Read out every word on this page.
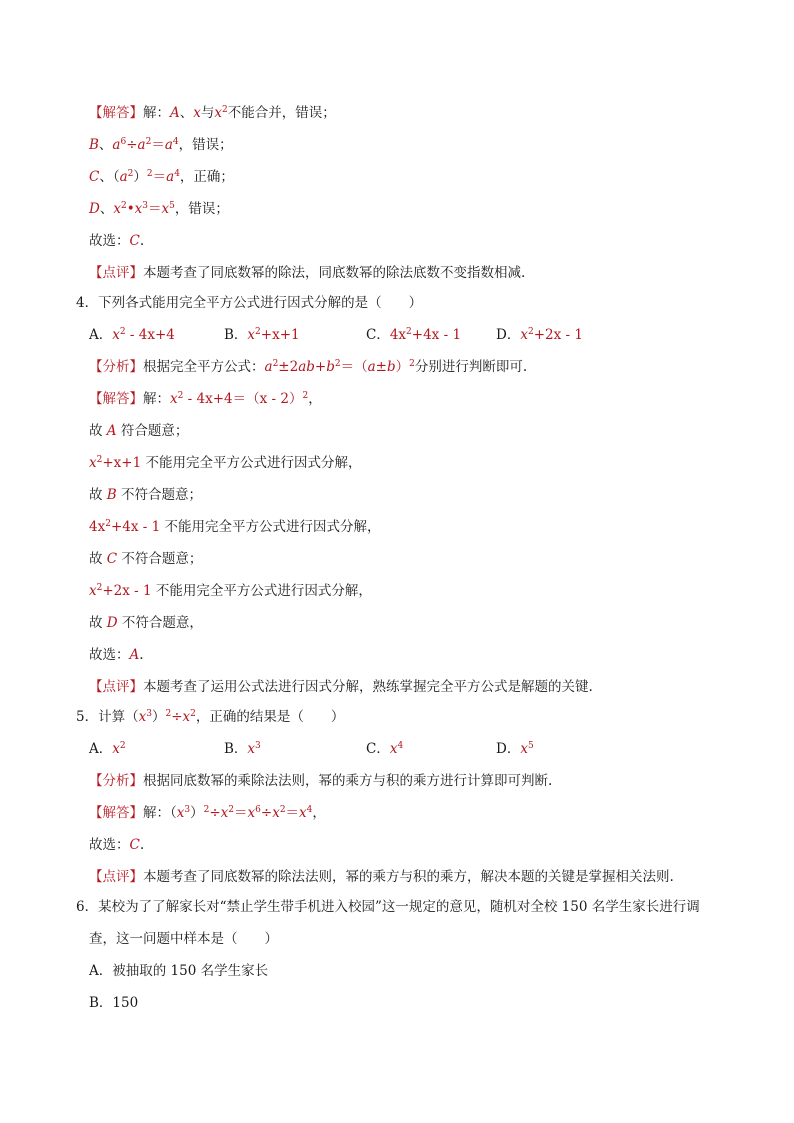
【解答】解：A、x与$x^2$不能合并，错误；
B、$a^6\div a^2=a^4$，错误；
C、$(a^2)^2=a^4$，正确；
D、$x^2•x^3=x^5$，错误；
故选：C.
【点评】本题考查了同底数幂的除法，同底数幂的除法底数不变指数相减.
4．下列各式能用完全平方公式进行因式分解的是（　　）
A．$x^2 - 4x+4$	B．$x^2+x+1$	C．$4x^2+4x - 1$	D．$x^2+2x - 1$
【分析】根据完全平方公式：$a^2\pm 2ab+b^2=(a\pm b)^2$分别进行判断即可.
【解答】解：$x^2 - 4x+4=(x - 2)^2$，
故 A 符合题意；
$x^2+x+1$ 不能用完全平方公式进行因式分解，
故 B 不符合题意；
$4x^2+4x - 1$ 不能用完全平方公式进行因式分解，
故 C 不符合题意；
$x^2+2x - 1$ 不能用完全平方公式进行因式分解，
故 D 不符合题意，
故选：A.
【点评】本题考查了运用公式法进行因式分解，熟练掌握完全平方公式是解题的关键.
5．计算$(x^3)^2\div x^2$，正确的结果是（　　）
A．$x^2$	B．$x^3$	C．$x^4$	D．$x^5$
【分析】根据同底数幂的乘除法法则，幂的乘方与积的乘方进行计算即可判断.
【解答】解：$(x^3)^2\div x^2=x^6\div x^2=x^4$，
故选：C.
【点评】本题考查了同底数幂的除法法则，幂的乘方与积的乘方，解决本题的关键是掌握相关法则.
6．某校为了了解家长对“禁止学生带手机进入校园”这一规定的意见，随机对全校 150 名学生家长进行调
查，这一问题中样本是（　　）
A．被抽取的 150 名学生家长
B．150
